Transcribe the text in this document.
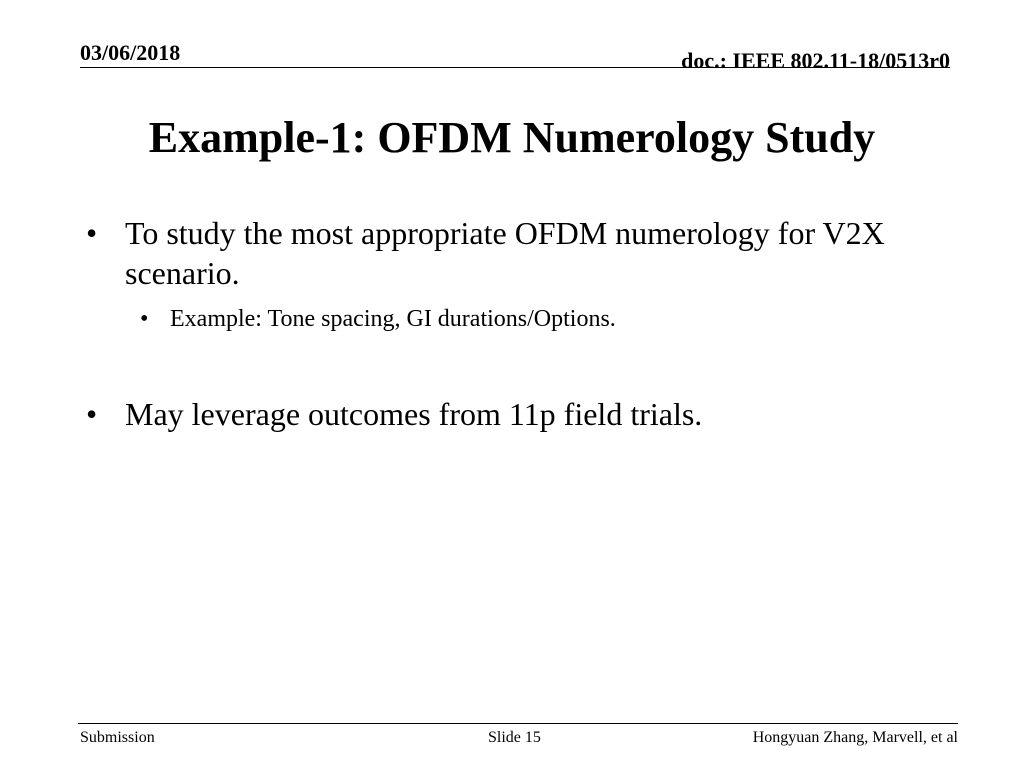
03/06/2018	doc.: IEEE 802.11-18/0513r0
Example-1: OFDM Numerology Study
• To study the most appropriate OFDM numerology for V2X scenario.
• Example: Tone spacing, GI durations/Options.
• May leverage outcomes from 11p field trials.
Submission	Slide 15	Hongyuan Zhang, Marvell, et al
